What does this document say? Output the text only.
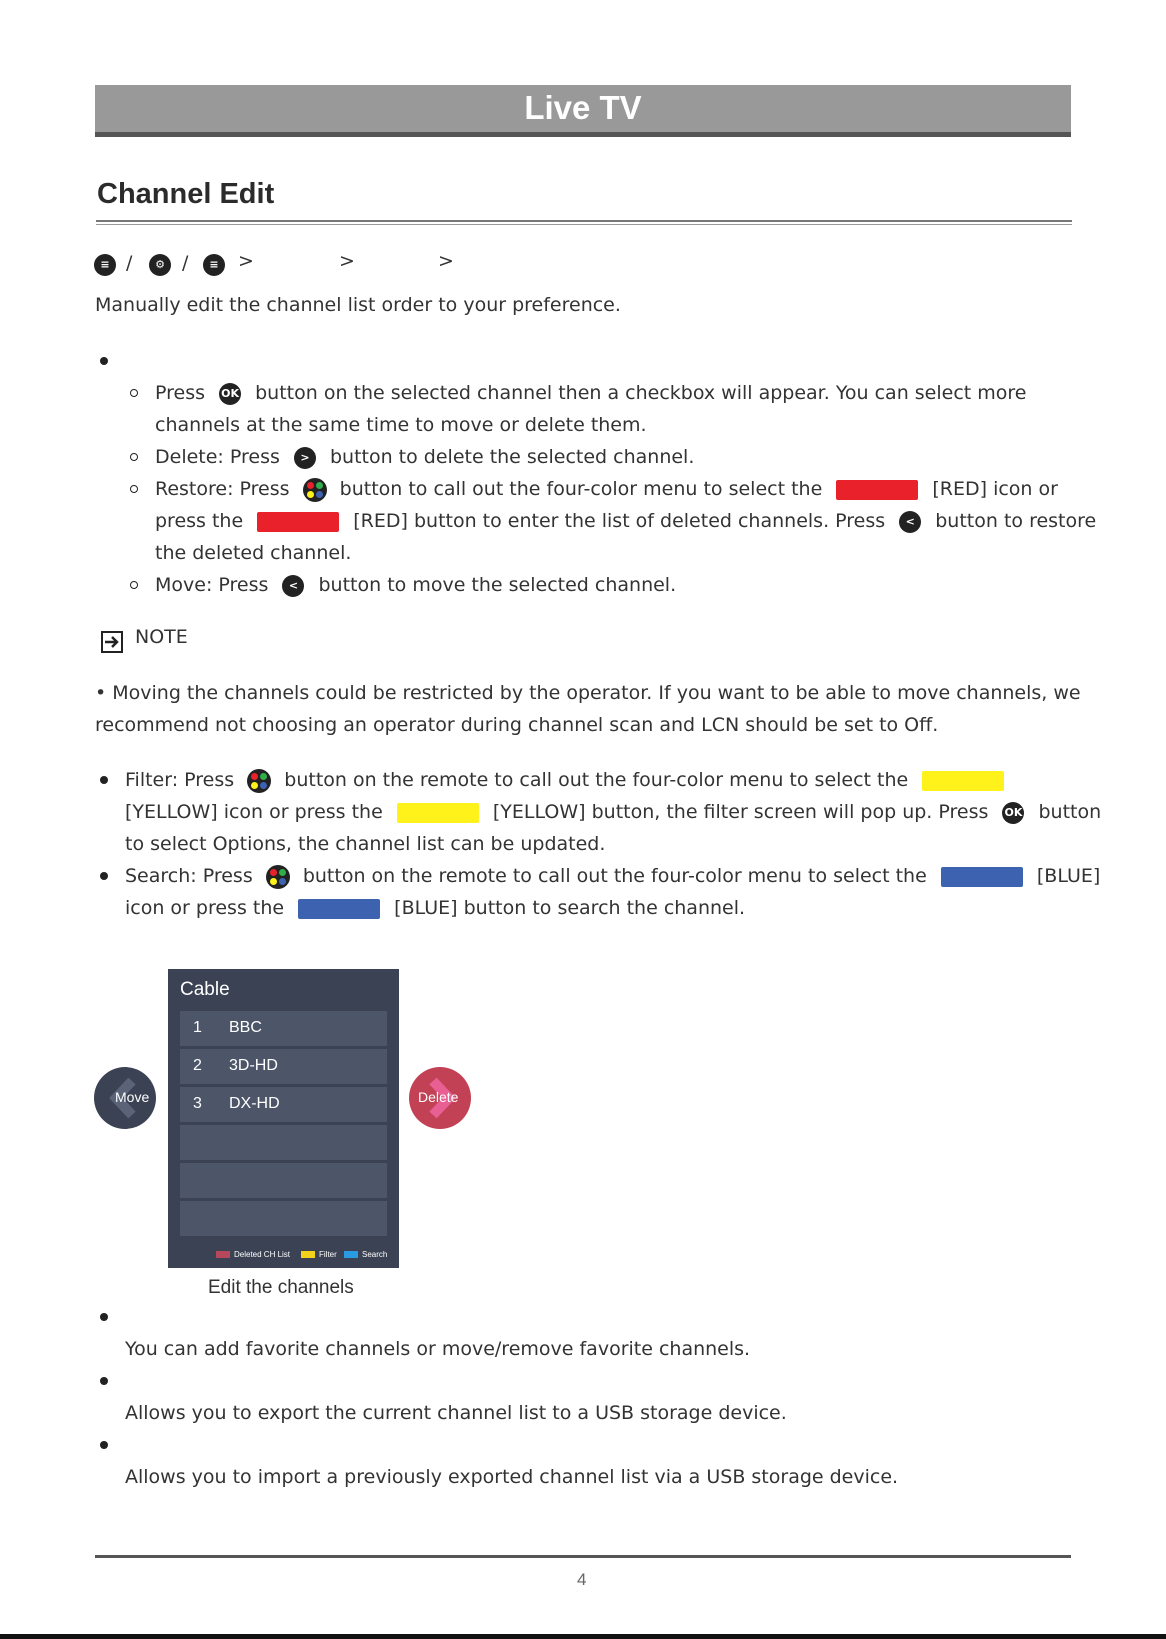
Live TV
Channel Edit
≡ /	⚙ /	≡	>	>	>
Manually edit the channel list order to your preference.
Press OK button on the selected channel then a checkbox will appear. You can select more
channels at the same time to move or delete them.
Delete: Press > button to delete the selected channel.
Restore: Press	button to call out the four-color menu to select the	[RED] icon or
press the	[RED] button to enter the list of deleted channels. Press < button to restore
the deleted channel.
Move: Press < button to move the selected channel.
NOTE
• Moving the channels could be restricted by the operator. If you want to be able to move channels, we
recommend not choosing an operator during channel scan and LCN should be set to Off.
Filter: Press	button on the remote to call out the four-color menu to select the
[YELLOW] icon or press the	[YELLOW] button, the filter screen will pop up. Press OK button
to select Options, the channel list can be updated.
Search: Press	button on the remote to call out the four-color menu to select the	[BLUE]
icon or press the	[BLUE] button to search the channel.
Move
Cable
1 BBC
2 3D-HD
3 DX-HD
Deleted CH List	Filter	Search
Delete
Edit the channels
You can add favorite channels or move/remove favorite channels.
Allows you to export the current channel list to a USB storage device.
Allows you to import a previously exported channel list via a USB storage device.
4
